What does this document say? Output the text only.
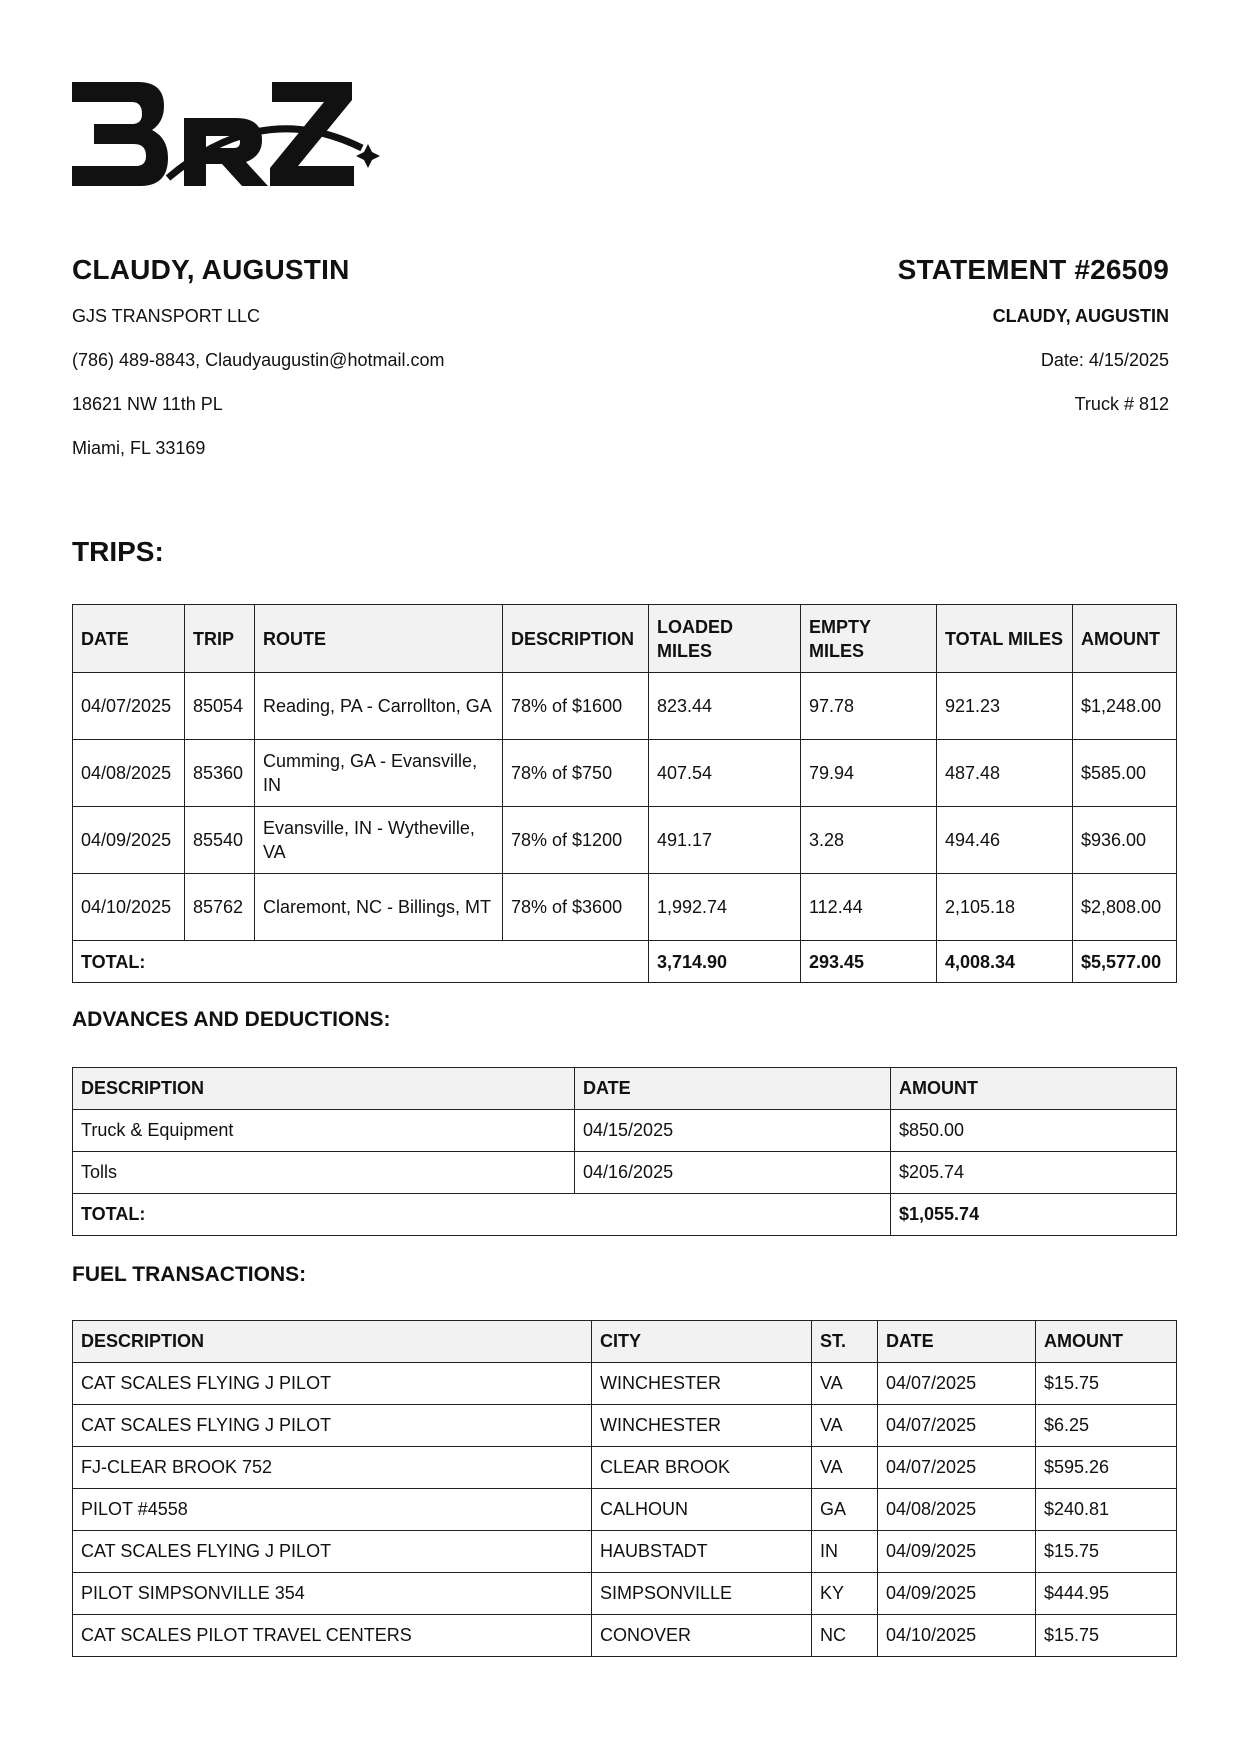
CLAUDY, AUGUSTIN
GJS TRANSPORT LLC
(786) 489-8843, Claudyaugustin@hotmail.com
18621 NW 11th PL
Miami, FL 33169
STATEMENT #26509
CLAUDY, AUGUSTIN
Date: 4/15/2025
Truck # 812
TRIPS:
DATE	TRIP	ROUTE	DESCRIPTION	LOADED MILES	EMPTY MILES	TOTAL MILES	AMOUNT
04/07/2025	85054	Reading, PA - Carrollton, GA	78% of $1600	823.44	97.78	921.23	$1,248.00
04/08/2025	85360	Cumming, GA - Evansville, IN	78% of $750	407.54	79.94	487.48	$585.00
04/09/2025	85540	Evansville, IN - Wytheville, VA	78% of $1200	491.17	3.28	494.46	$936.00
04/10/2025	85762	Claremont, NC - Billings, MT	78% of $3600	1,992.74	112.44	2,105.18	$2,808.00
TOTAL:				3,714.90	293.45	4,008.34	$5,577.00
ADVANCES AND DEDUCTIONS:
DESCRIPTION	DATE	AMOUNT
Truck & Equipment	04/15/2025	$850.00
Tolls	04/16/2025	$205.74
TOTAL:		$1,055.74
FUEL TRANSACTIONS:
DESCRIPTION	CITY	ST.	DATE	AMOUNT
CAT SCALES FLYING J PILOT	WINCHESTER	VA	04/07/2025	$15.75
CAT SCALES FLYING J PILOT	WINCHESTER	VA	04/07/2025	$6.25
FJ-CLEAR BROOK 752	CLEAR BROOK	VA	04/07/2025	$595.26
PILOT #4558	CALHOUN	GA	04/08/2025	$240.81
CAT SCALES FLYING J PILOT	HAUBSTADT	IN	04/09/2025	$15.75
PILOT SIMPSONVILLE 354	SIMPSONVILLE	KY	04/09/2025	$444.95
CAT SCALES PILOT TRAVEL CENTERS	CONOVER	NC	04/10/2025	$15.75
